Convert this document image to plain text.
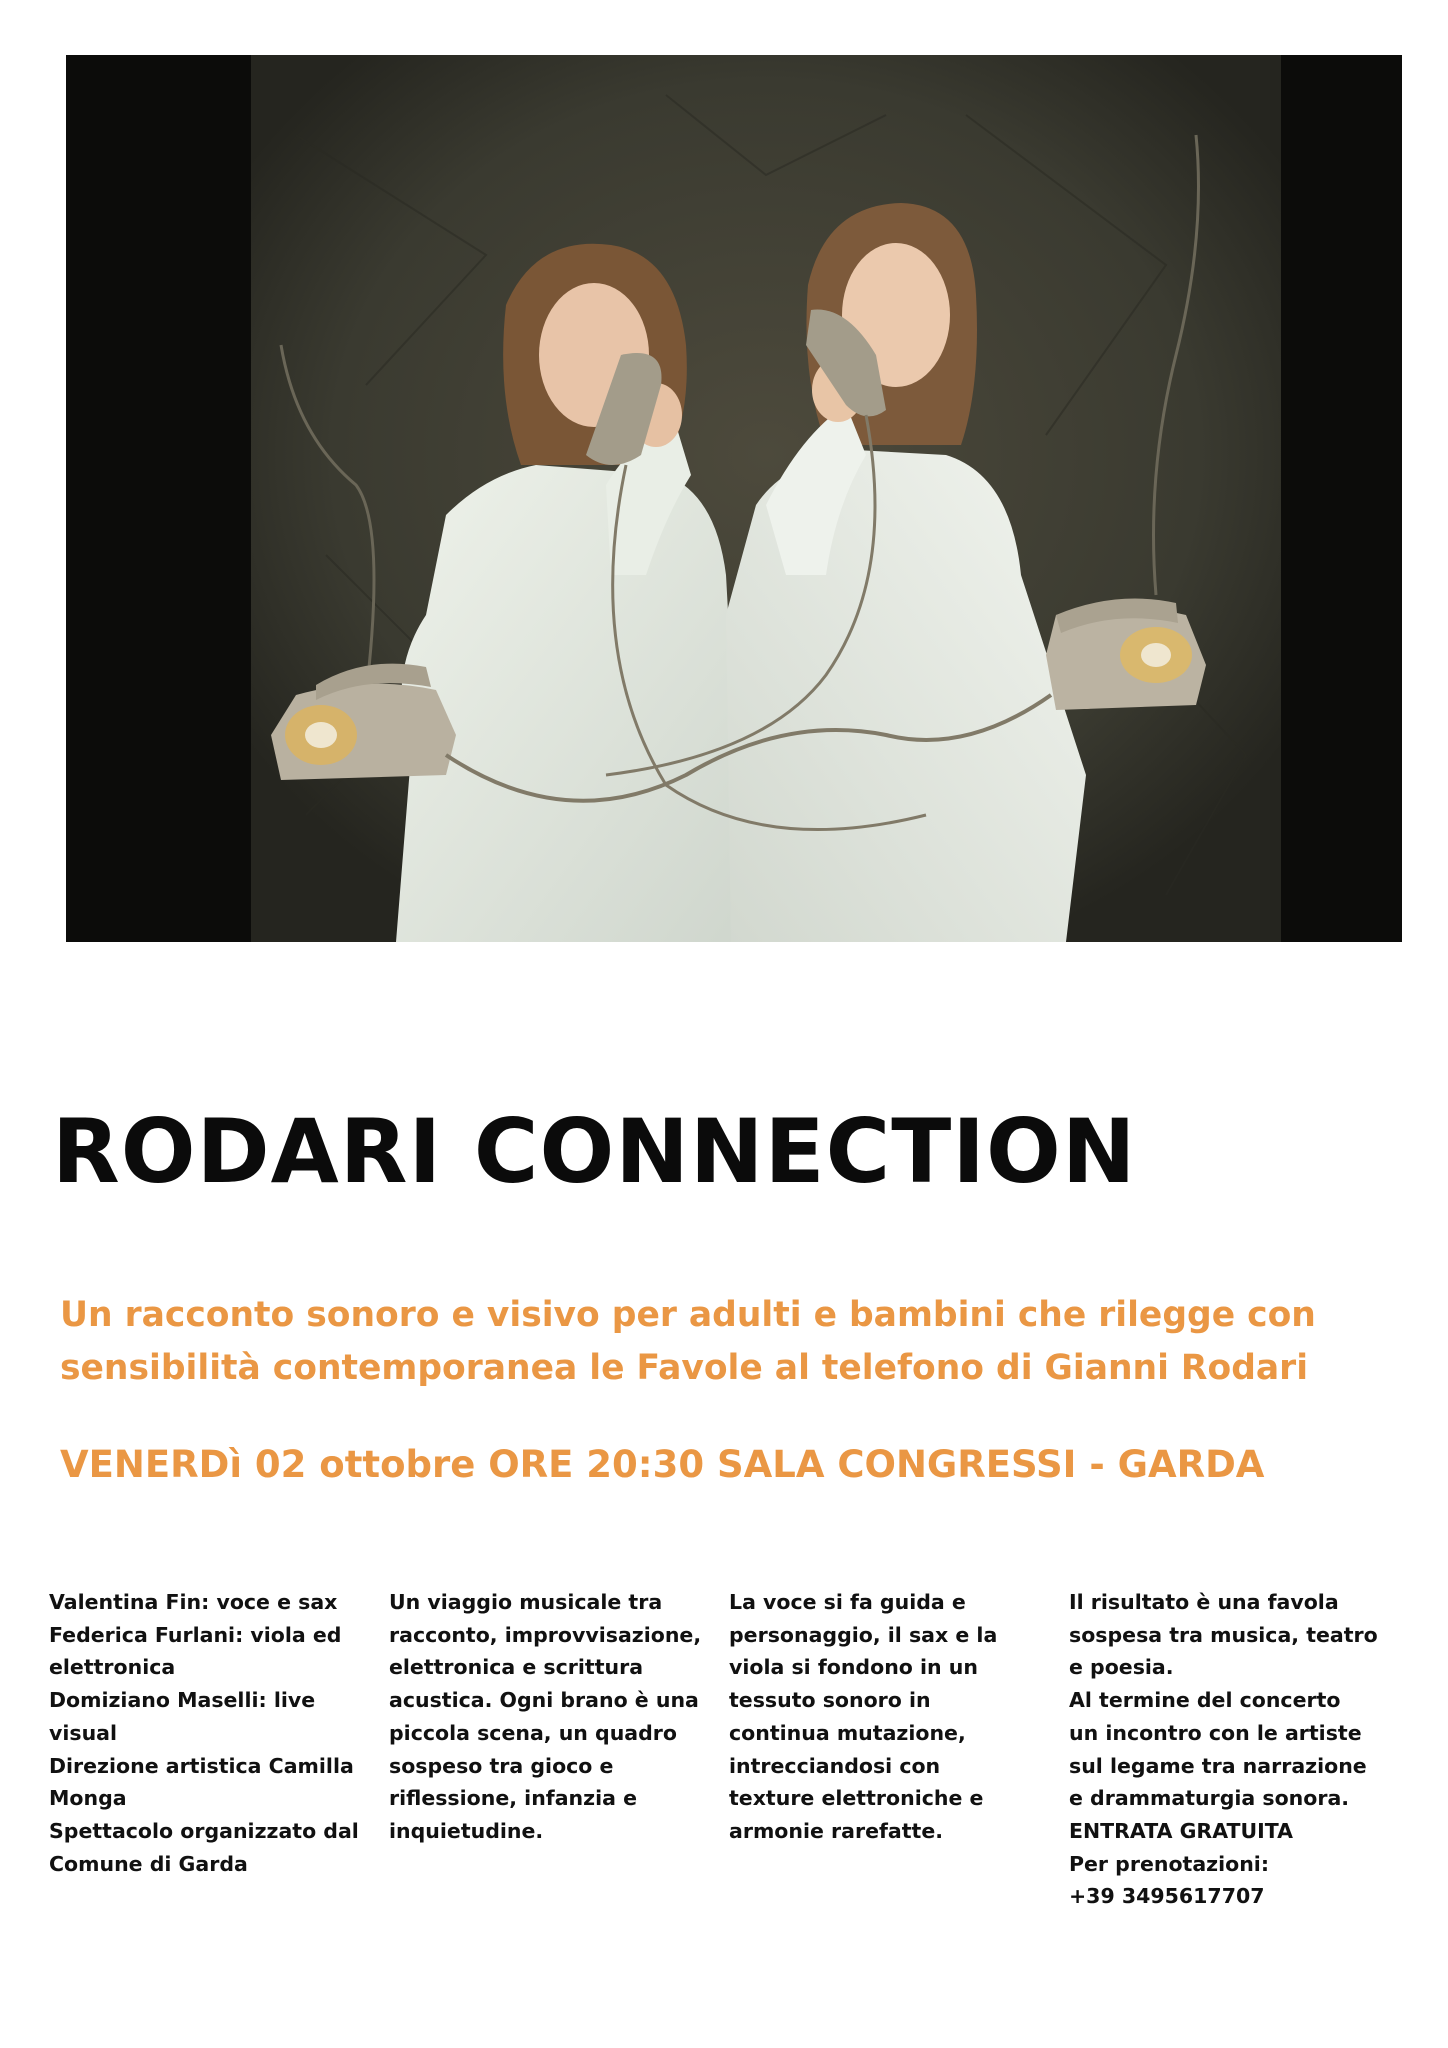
RODARI CONNECTION

Un racconto sonoro e visivo per adulti e bambini che rilegge con
sensibilità contemporanea le Favole al telefono di Gianni Rodari

VENERDì 02 ottobre ORE 20:30 SALA CONGRESSI - GARDA

Valentina Fin: voce e sax
Federica Furlani: viola ed
elettronica
Domiziano Maselli: live
visual
Direzione artistica Camilla
Monga
Spettacolo organizzato dal
Comune di Garda
Un viaggio musicale tra
racconto, improvvisazione,
elettronica e scrittura
acustica. Ogni brano è una
piccola scena, un quadro
sospeso tra gioco e
riflessione, infanzia e
inquietudine.
La voce si fa guida e
personaggio, il sax e la
viola si fondono in un
tessuto sonoro in
continua mutazione,
intrecciandosi con
texture elettroniche e
armonie rarefatte.
Il risultato è una favola
sospesa tra musica, teatro
e poesia.
Al termine del concerto
un incontro con le artiste
sul legame tra narrazione
e drammaturgia sonora.
ENTRATA GRATUITA
Per prenotazioni:
+39 3495617707
